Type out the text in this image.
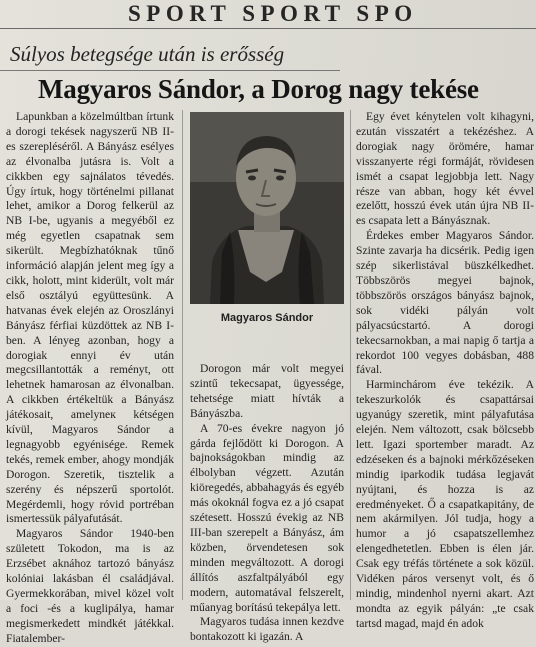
SPORT SPORT SPO
Súlyos betegsége után is erősség
Magyaros Sándor, a Dorog nagy tekése

Lapunkban a közelmúltban írtunk a dorogi tekések nagyszerű NB II-es szerepléséről. A Bányász esélyes az élvonalba jutásra is. Volt a cikkben egy sajnálatos tévedés. Úgy írtuk, hogy történelmi pillanat lehet, amikor a Dorog felkerül az NB I-be, ugyanis a megyéből ez még egyetlen csapatnak sem sikerült. Megbízhatóknak tűnő információ alapján jelent meg így a cikk, holott, mint kiderült, volt már első osztályú együttesünk. A hatvanas évek elején az Oroszlányi Bányász férfiai küzdöttek az NB I-ben. A lényeg azonban, hogy a dorogiak ennyi év után megcsillantották a reményt, ott lehetnek hamarosan az élvonalban. A cikkben értékeltük a Bányász játékosait, amelyneк kétségen kívül, Magyaros Sándor a legnagyobb egyénisége. Remek tekés, remek ember, ahogy mondják Dorogon. Szeretik, tisztelik a szerény és népszerű sportolót. Megérdemli, hogy róvid portréban ismertessük pályafutását.

Magyaros Sándor 1940-ben született Tokodon, ma is az Erzsébet aknához tartozó bányász kolóniai lakásban él családjával. Gyermekkorában, mivel közel volt a foci -és a kuglipálya, hamar megismerkedett mindkét játékkal. Fiatalember-

Magyaros Sándor

Dorogon már volt megyei szintű tekecsapat, ügyessége, tehetsége miatt hívták a Bányászba.

A 70-es évekre nagyon jó gárda fejlődött ki Dorogon. A bajnokságokban mindig az élbolyban végzett. Azután kiöregedés, abbahagyás és egyéb más okoknál fogva ez a jó csapat szétesett. Hosszú évekig az NB III-ban szerepelt a Bányász, ám közben, örvendetesen sok minden megváltozott. A dorogi állítós aszfaltpályából egy modern, automatával felszerelt, műanyag borítású tekepálya lett.

Magyaros tudása innen kezdve bontakozott ki igazán. A

Egy évet kénytelen volt kihagyni, ezután visszatért a tekézéshez. A dorogiak nagy örömére, hamar visszanyerte régi formáját, rövidesen ismét a csapat legjobbja lett. Nagy része van abban, hogy két évvel ezelőtt, hosszú évek után újra NB II-es csapata lett a Bányásznak.

Érdekes ember Magyaros Sándor. Szinte zavarja ha dicsérik. Pedig igen szép sikerlistával büszkélkedhet. Többszörös megyei bajnok, többszörös országos bányász bajnok, sok vidéki pályán volt pályacsúcstartó. A dorogi tekecsarnokban, a mai napig ő tartja a rekordot 100 vegyes dobásban, 488 fával.

Harminchárom éve tekézik. A tekeszurkolók és csapattársai ugyanúgy szeretik, mint pályafutása elején. Nem változott, csak bölcsebb lett. Igazi sportember maradt. Az edzéseken és a bajnoki mérkőzéseken mindig iparkodik tudása legjavát nyújtani, és hozza is az eredményeket. Ő a csapatkapitány, de nem akármilyen. Jól tudja, hogy a humor a jó csapatszellemhez elengedhetetlen. Ebben is élen jár. Csak egy tréfás története a sok közül. Vidéken páros versenyt volt, és ő mindig, mindenhol nyerni akart. Azt mondta az egyik pályán: „te csak tartsd magad, majd én adok
